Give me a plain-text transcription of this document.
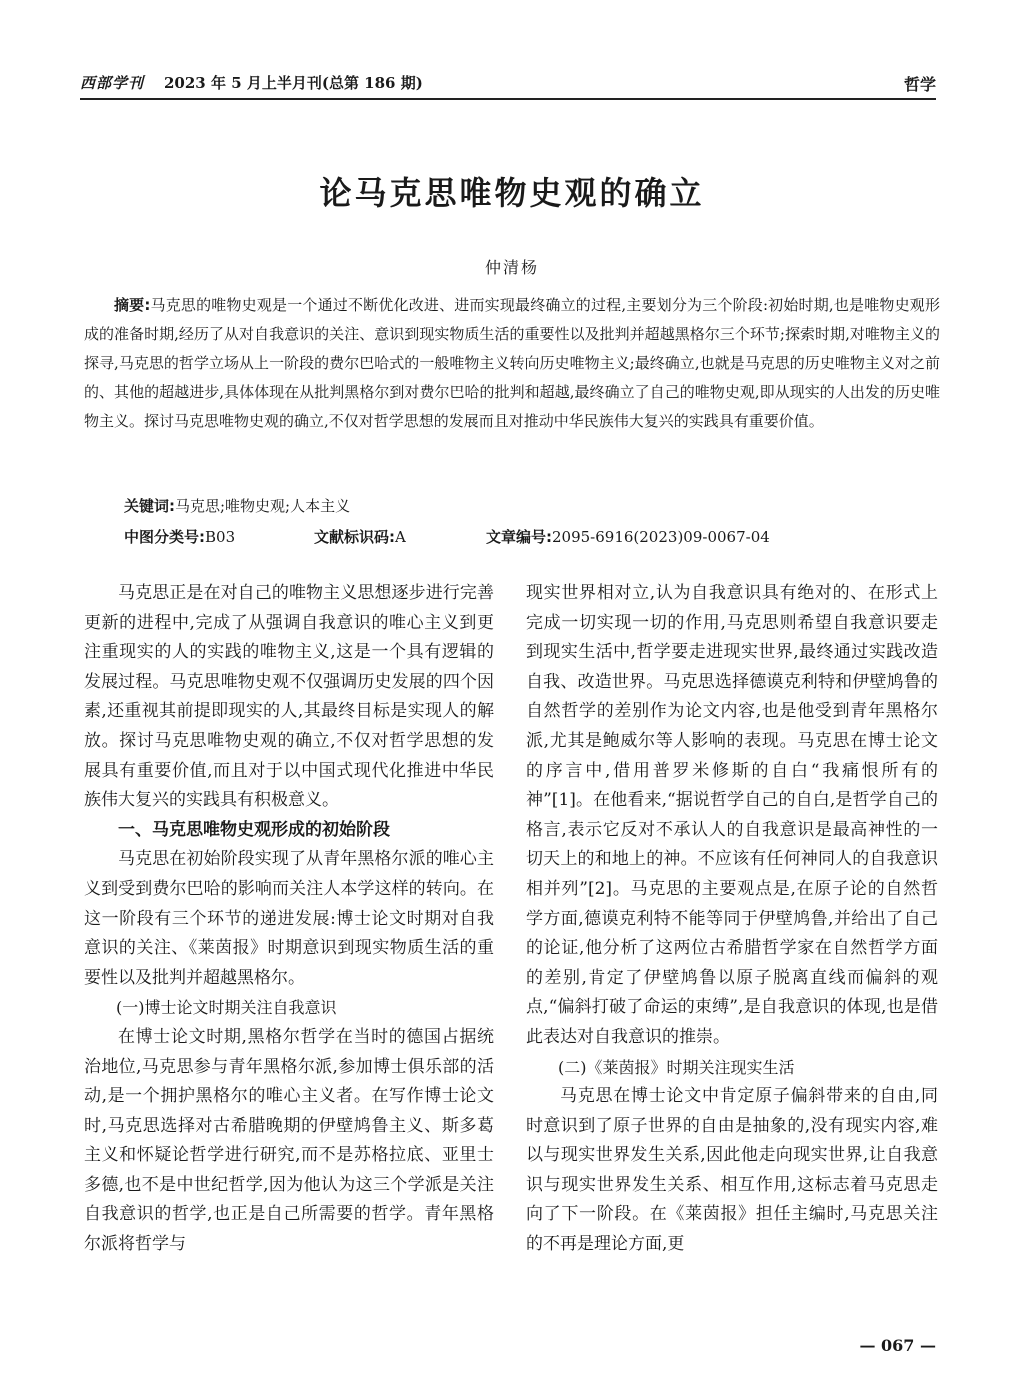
西部学刊 2023 年 5 月上半月刊(总第 186 期)	哲学
论马克思唯物史观的确立
仲清杨
摘要:马克思的唯物史观是一个通过不断优化改进、进而实现最终确立的过程,主要划分为三个阶段:初始时期,也是唯物史观形成的准备时期,经历了从对自我意识的关注、意识到现实物质生活的重要性以及批判并超越黑格尔三个环节;探索时期,对唯物主义的探寻,马克思的哲学立场从上一阶段的费尔巴哈式的一般唯物主义转向历史唯物主义;最终确立,也就是马克思的历史唯物主义对之前的、其他的超越进步,具体体现在从批判黑格尔到对费尔巴哈的批判和超越,最终确立了自己的唯物史观,即从现实的人出发的历史唯物主义。探讨马克思唯物史观的确立,不仅对哲学思想的发展而且对推动中华民族伟大复兴的实践具有重要价值。
关键词:马克思;唯物史观;人本主义
中图分类号:B03	文献标识码:A	文章编号:2095-6916(2023)09-0067-04

马克思正是在对自己的唯物主义思想逐步进行完善更新的进程中,完成了从强调自我意识的唯心主义到更注重现实的人的实践的唯物主义,这是一个具有逻辑的发展过程。马克思唯物史观不仅强调历史发展的四个因素,还重视其前提即现实的人,其最终目标是实现人的解放。探讨马克思唯物史观的确立,不仅对哲学思想的发展具有重要价值,而且对于以中国式现代化推进中华民族伟大复兴的实践具有积极意义。

一、马克思唯物史观形成的初始阶段

马克思在初始阶段实现了从青年黑格尔派的唯心主义到受到费尔巴哈的影响而关注人本学这样的转向。在这一阶段有三个环节的递进发展:博士论文时期对自我意识的关注、《莱茵报》时期意识到现实物质生活的重要性以及批判并超越黑格尔。

(一)博士论文时期关注自我意识

在博士论文时期,黑格尔哲学在当时的德国占据统治地位,马克思参与青年黑格尔派,参加博士俱乐部的活动,是一个拥护黑格尔的唯心主义者。在写作博士论文时,马克思选择对古希腊晚期的伊壁鸠鲁主义、斯多葛主义和怀疑论哲学进行研究,而不是苏格拉底、亚里士多德,也不是中世纪哲学,因为他认为这三个学派是关注自我意识的哲学,也正是自己所需要的哲学。青年黑格尔派将哲学与

现实世界相对立,认为自我意识具有绝对的、在形式上完成一切实现一切的作用,马克思则希望自我意识要走到现实生活中,哲学要走进现实世界,最终通过实践改造自我、改造世界。马克思选择德谟克利特和伊壁鸠鲁的自然哲学的差别作为论文内容,也是他受到青年黑格尔派,尤其是鲍威尔等人影响的表现。马克思在博士论文的序言中,借用普罗米修斯的自白“我痛恨所有的神”[1]。在他看来,“据说哲学自己的自白,是哲学自己的格言,表示它反对不承认人的自我意识是最高神性的一切天上的和地上的神。不应该有任何神同人的自我意识相并列”[2]。马克思的主要观点是,在原子论的自然哲学方面,德谟克利特不能等同于伊壁鸠鲁,并给出了自己的论证,他分析了这两位古希腊哲学家在自然哲学方面的差别,肯定了伊壁鸠鲁以原子脱离直线而偏斜的观点,“偏斜打破了命运的束缚”,是自我意识的体现,也是借此表达对自我意识的推崇。

(二)《莱茵报》时期关注现实生活

马克思在博士论文中肯定原子偏斜带来的自由,同时意识到了原子世界的自由是抽象的,没有现实内容,难以与现实世界发生关系,因此他走向现实世界,让自我意识与现实世界发生关系、相互作用,这标志着马克思走向了下一阶段。在《莱茵报》担任主编时,马克思关注的不再是理论方面,更

— 067 —
